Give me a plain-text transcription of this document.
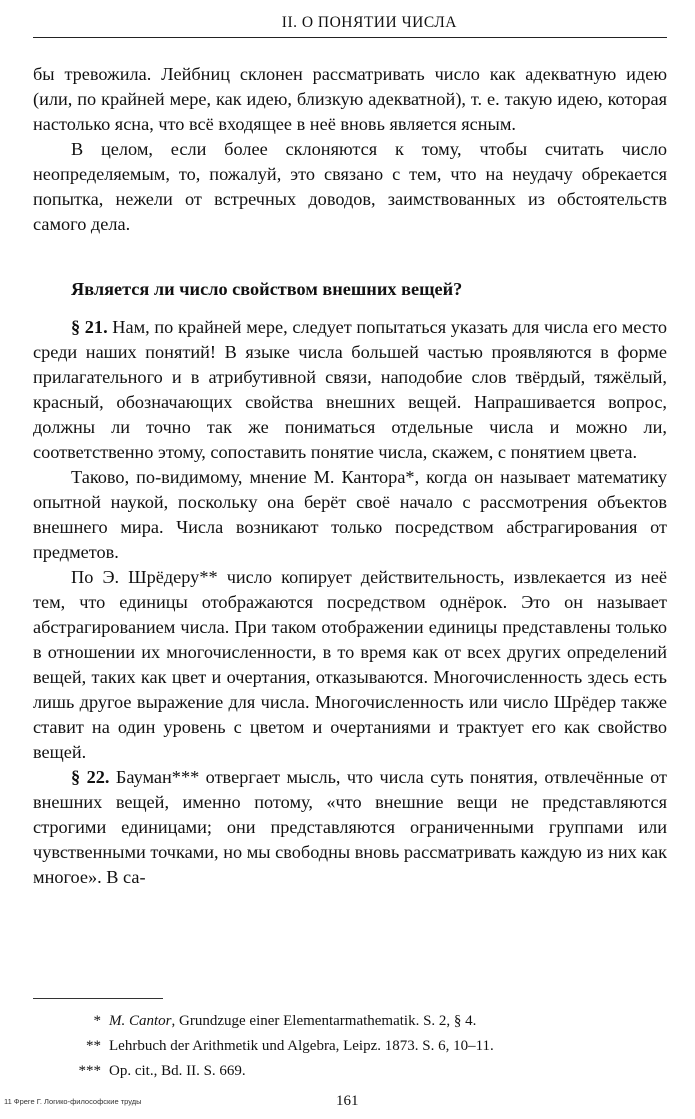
II. О ПОНЯТИИ ЧИСЛА

бы тревожила. Лейбниц склонен рассматривать число как адекватную идею (или, по крайней мере, как идею, близкую адекватной), т. е. такую идею, которая настолько ясна, что всё входящее в неё вновь является ясным.

В целом, если более склоняются к тому, чтобы считать число неопределяемым, то, пожалуй, это связано с тем, что на неудачу обрекается попытка, нежели от встречных доводов, заимствованных из обстоятельств самого дела.

Является ли число свойством внешних вещей?

§ 21. Нам, по крайней мере, следует попытаться указать для числа его место среди наших понятий! В языке числа большей частью проявляются в форме прилагательного и в атрибутивной связи, наподобие слов твёрдый, тяжёлый, красный, обозначающих свойства внешних вещей. Напрашивается вопрос, должны ли точно так же пониматься отдельные числа и можно ли, соответственно этому, сопоставить понятие числа, скажем, с понятием цвета.

Таково, по-видимому, мнение М. Кантора*, когда он называет математику опытной наукой, поскольку она берёт своё начало с рассмотрения объектов внешнего мира. Числа возникают только посредством абстрагирования от предметов.

По Э. Шрёдеру** число копирует действительность, извлекается из неё тем, что единицы отображаются посредством однёрок. Это он называет абстрагированием числа. При таком отображении единицы представлены только в отношении их многочисленности, в то время как от всех других определений вещей, таких как цвет и очертания, отказываются. Многочисленность здесь есть лишь другое выражение для числа. Многочисленность или число Шрёдер также ставит на один уровень с цветом и очертаниями и трактует его как свойство вещей.

§ 22. Бауман*** отвергает мысль, что числа суть понятия, отвлечённые от внешних вещей, именно потому, «что внешние вещи не представляются строгими единицами; они представляются ограниченными группами или чувственными точками, но мы свободны вновь рассматривать каждую из них как многое». В са-

* M. Cantor, Grundzuge einer Elementarmathematik. S. 2, § 4.
** Lehrbuch der Arithmetik und Algebra, Leipz. 1873. S. 6, 10–11.
*** Op. cit., Bd. II. S. 669.
11 Фреге Г. Логико-философские труды	161
